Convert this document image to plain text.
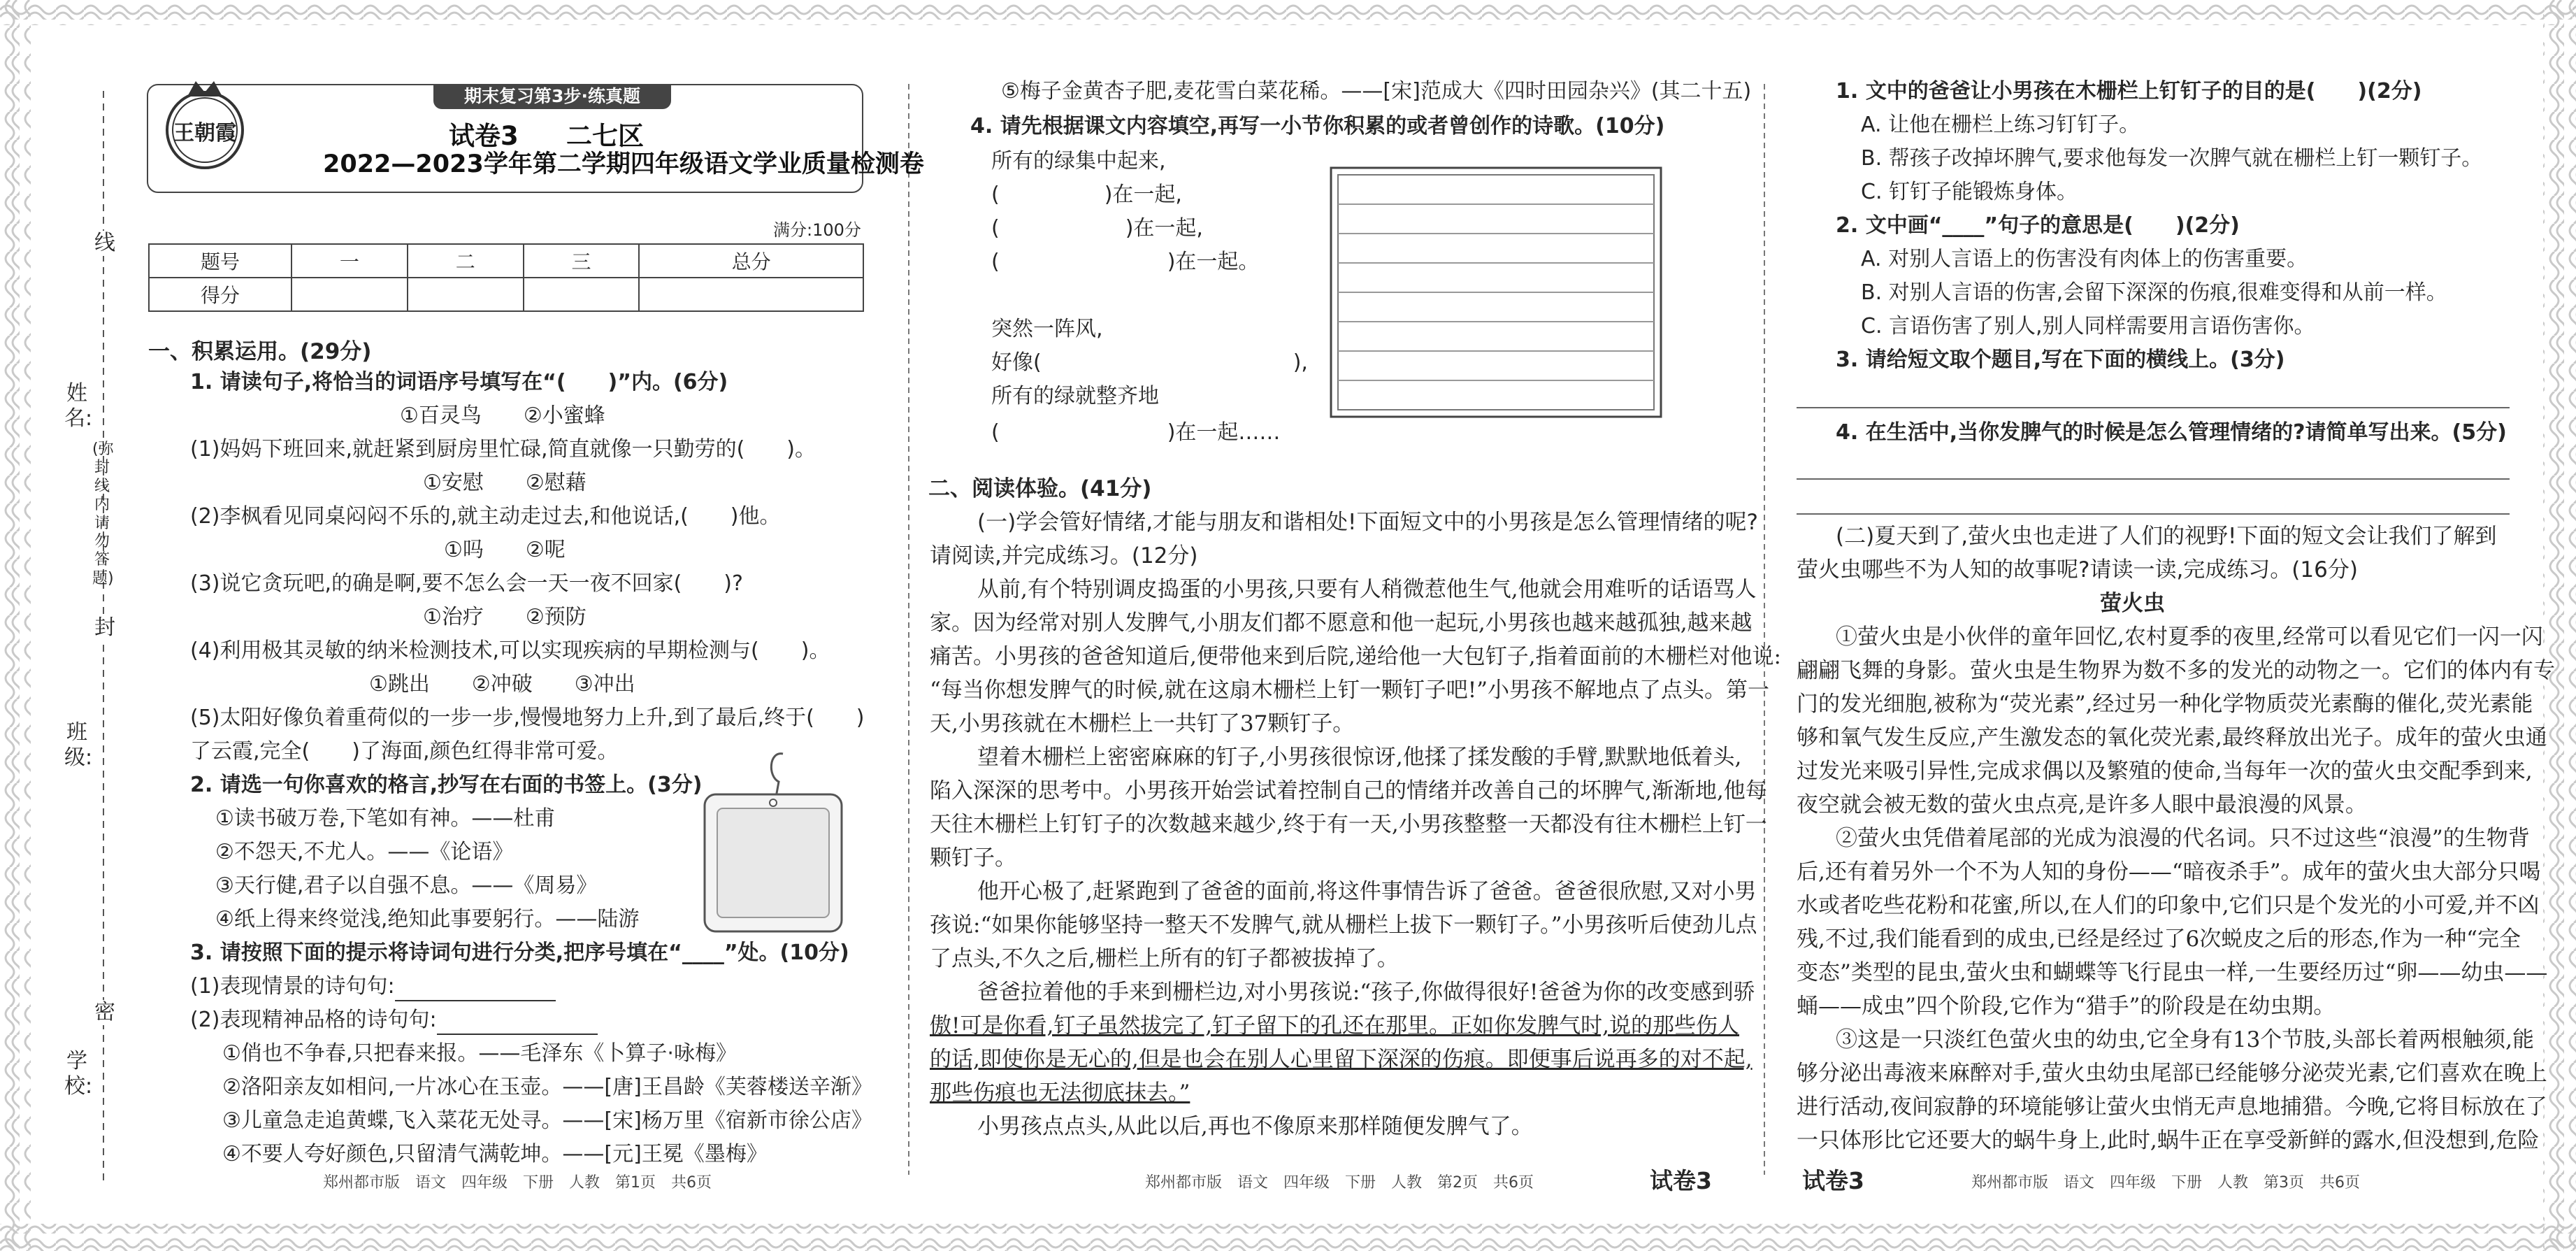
姓名:
班级:
学校:
(弥封线内请勿答题)
线
封
密
王朝霞
期末复习第3步·练真题
试卷3 二七区
2022—2023学年第二学期四年级语文学业质量检测卷
满分:100分
题号	一	二	三	总分
得分				
一、积累运用。(29分)
1. 请读句子,将恰当的词语序号填写在“(　　)”内。(6分)
①百灵鸟　　②小蜜蜂
(1)妈妈下班回来,就赶紧到厨房里忙碌,简直就像一只勤劳的(　　)。
①安慰　　②慰藉
(2)李枫看见同桌闷闷不乐的,就主动走过去,和他说话,(　　)他。
①吗　　②呢
(3)说它贪玩吧,的确是啊,要不怎么会一天一夜不回家(　　)?
①治疗　　②预防
(4)利用极其灵敏的纳米检测技术,可以实现疾病的早期检测与(　　)。
①跳出　　②冲破　　③冲出
(5)太阳好像负着重荷似的一步一步,慢慢地努力上升,到了最后,终于(　　)
了云霞,完全(　　)了海面,颜色红得非常可爱。
2. 请选一句你喜欢的格言,抄写在右面的书签上。(3分)
①读书破万卷,下笔如有神。——杜甫
②不怨天,不尤人。——《论语》
③天行健,君子以自强不息。——《周易》
④纸上得来终觉浅,绝知此事要躬行。——陆游
3. 请按照下面的提示将诗词句进行分类,把序号填在“____”处。(10分)
(1)表现情景的诗句句:
(2)表现精神品格的诗句句:
①俏也不争春,只把春来报。——毛泽东《卜算子·咏梅》
②洛阳亲友如相问,一片冰心在玉壶。——[唐]王昌龄《芙蓉楼送辛渐》
③儿童急走追黄蝶,飞入菜花无处寻。——[宋]杨万里《宿新市徐公店》
④不要人夸好颜色,只留清气满乾坤。——[元]王冕《墨梅》
⑤梅子金黄杏子肥,麦花雪白菜花稀。——[宋]范成大《四时田园杂兴》(其二十五)
4. 请先根据课文内容填空,再写一小节你积累的或者曾创作的诗歌。(10分)
所有的绿集中起来,
(　　　　　)在一起,
(　　　　　　)在一起,
(　　　　　　　　)在一起。
突然一阵风,
好像(　　　　　　　　　　　　),
所有的绿就整齐地
(　　　　　　　　)在一起……
二、阅读体验。(41分)
(一)学会管好情绪,才能与朋友和谐相处!下面短文中的小男孩是怎么管理情绪的呢?
请阅读,并完成练习。(12分)
从前,有个特别调皮捣蛋的小男孩,只要有人稍微惹他生气,他就会用难听的话语骂人
家。因为经常对别人发脾气,小朋友们都不愿意和他一起玩,小男孩也越来越孤独,越来越
痛苦。小男孩的爸爸知道后,便带他来到后院,递给他一大包钉子,指着面前的木栅栏对他说:
“每当你想发脾气的时候,就在这扇木栅栏上钉一颗钉子吧!”小男孩不解地点了点头。第一
天,小男孩就在木栅栏上一共钉了37颗钉子。
望着木栅栏上密密麻麻的钉子,小男孩很惊讶,他揉了揉发酸的手臂,默默地低着头,
陷入深深的思考中。小男孩开始尝试着控制自己的情绪并改善自己的坏脾气,渐渐地,他每
天往木栅栏上钉钉子的次数越来越少,终于有一天,小男孩整整一天都没有往木栅栏上钉一
颗钉子。
他开心极了,赶紧跑到了爸爸的面前,将这件事情告诉了爸爸。爸爸很欣慰,又对小男
孩说:“如果你能够坚持一整天不发脾气,就从栅栏上拔下一颗钉子。”小男孩听后使劲儿点
了点头,不久之后,栅栏上所有的钉子都被拔掉了。
爸爸拉着他的手来到栅栏边,对小男孩说:“孩子,你做得很好!爸爸为你的改变感到骄
傲!可是你看,钉子虽然拔完了,钉子留下的孔还在那里。正如你发脾气时,说的那些伤人
的话,即使你是无心的,但是也会在别人心里留下深深的伤痕。即便事后说再多的对不起,
那些伤痕也无法彻底抹去。”
小男孩点点头,从此以后,再也不像原来那样随便发脾气了。
郑州都市版　语文　四年级　下册　人教　第1页　共6页	郑州都市版　语文　四年级　下册　人教　第2页　共6页	试卷3
1. 文中的爸爸让小男孩在木栅栏上钉钉子的目的是(　　)(2分)
A. 让他在栅栏上练习钉钉子。
B. 帮孩子改掉坏脾气,要求他每发一次脾气就在栅栏上钉一颗钉子。
C. 钉钉子能锻炼身体。
2. 文中画“____”句子的意思是(　　)(2分)
A. 对别人言语上的伤害没有肉体上的伤害重要。
B. 对别人言语的伤害,会留下深深的伤痕,很难变得和从前一样。
C. 言语伤害了别人,别人同样需要用言语伤害你。
3. 请给短文取个题目,写在下面的横线上。(3分)
4. 在生活中,当你发脾气的时候是怎么管理情绪的?请简单写出来。(5分)
(二)夏天到了,萤火虫也走进了人们的视野!下面的短文会让我们了解到
萤火虫哪些不为人知的故事呢?请读一读,完成练习。(16分)
萤火虫
①萤火虫是小伙伴的童年回忆,农村夏季的夜里,经常可以看见它们一闪一闪
翩翩飞舞的身影。萤火虫是生物界为数不多的发光的动物之一。它们的体内有专
门的发光细胞,被称为“荧光素”,经过另一种化学物质荧光素酶的催化,荧光素能
够和氧气发生反应,产生激发态的氧化荧光素,最终释放出光子。成年的萤火虫通
过发光来吸引异性,完成求偶以及繁殖的使命,当每年一次的萤火虫交配季到来,
夜空就会被无数的萤火虫点亮,是许多人眼中最浪漫的风景。
②萤火虫凭借着尾部的光成为浪漫的代名词。只不过这些“浪漫”的生物背
后,还有着另外一个不为人知的身份——“暗夜杀手”。成年的萤火虫大部分只喝
水或者吃些花粉和花蜜,所以,在人们的印象中,它们只是个发光的小可爱,并不凶
残,不过,我们能看到的成虫,已经是经过了6次蜕皮之后的形态,作为一种“完全
变态”类型的昆虫,萤火虫和蝴蝶等飞行昆虫一样,一生要经历过“卵——幼虫——
蛹——成虫”四个阶段,它作为“猎手”的阶段是在幼虫期。
③这是一只淡红色萤火虫的幼虫,它全身有13个节肢,头部长着两根触须,能
够分泌出毒液来麻醉对手,萤火虫幼虫尾部已经能够分泌荧光素,它们喜欢在晚上
进行活动,夜间寂静的环境能够让萤火虫悄无声息地捕猎。今晚,它将目标放在了
一只体形比它还要大的蜗牛身上,此时,蜗牛正在享受新鲜的露水,但没想到,危险
试卷3	郑州都市版　语文　四年级　下册　人教　第3页　共6页
